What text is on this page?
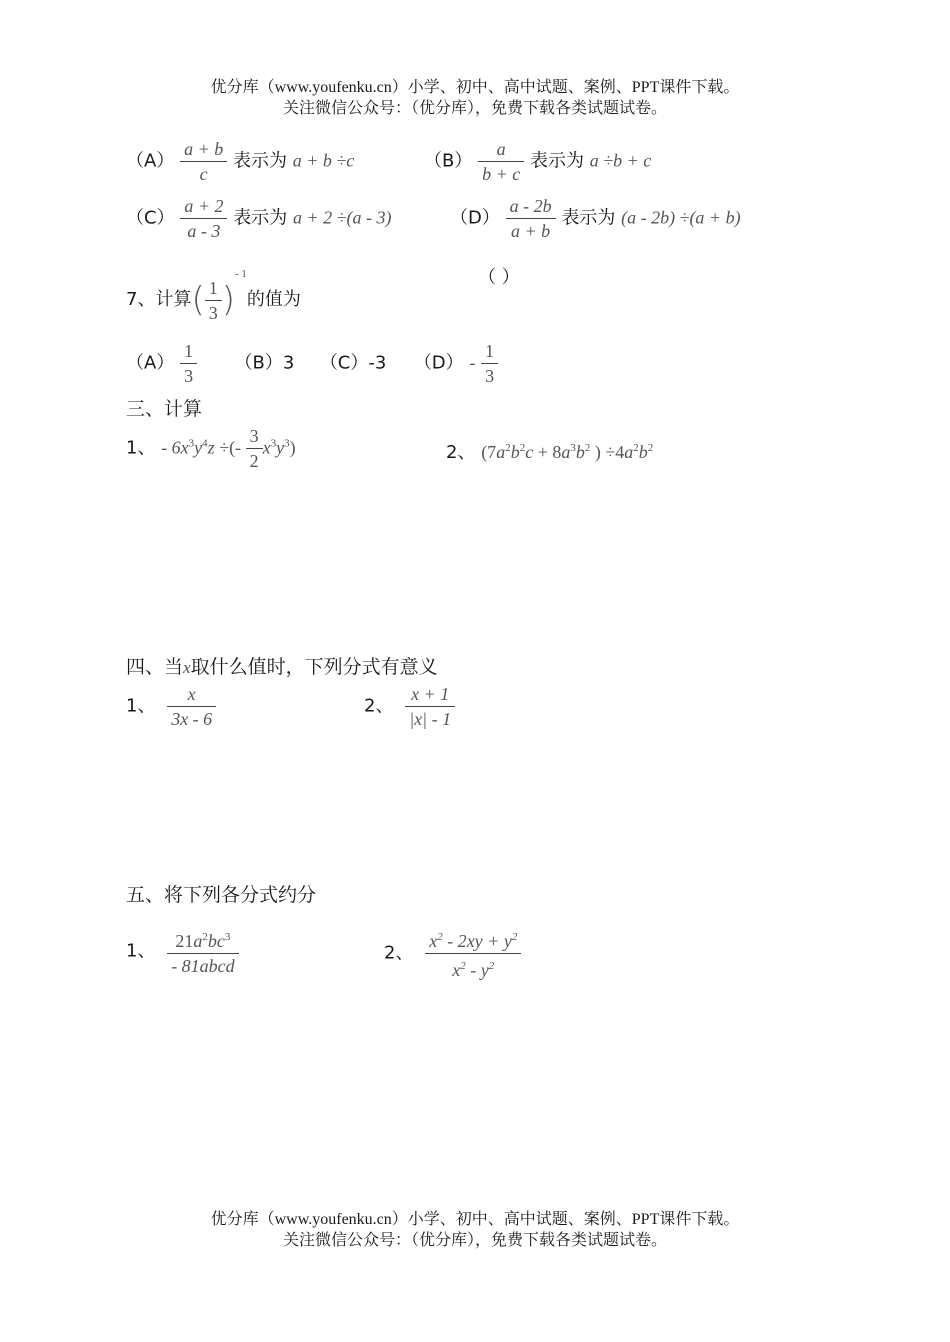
优分库（www.youfenku.cn）小学、初中、高中试题、案例、PPT课件下载。
关注微信公众号：（优分库），免费下载各类试题试卷。
$(A) \frac{a + b}{c}$ 表示为 a + b ÷c	$(B) \frac{a}{b + c}$ 表示为 a ÷b + c
$(C) \frac{a + 2}{a - 3}$ 表示为 a + 2 ÷(a - 3)	$(D) \frac{a - 2b}{a + b}$ 表示为 (a - 2b) ÷(a + b)
7、计算( $\frac{1}{3} )^{- 1}$的值为
（ ）
$(A) \frac{1}{3} (B)3$ （C）-3 $(D) - \frac{1}{3}$
三、计算
1、 - $6x^3y^4z$ ÷(- $\frac{3}{2} x^3y^3$)	2、 ($7a^2b^2c + 8a^3b^2$ ) $\div 4a^2b^2$
四、当x取什么值时，下列分式有意义
1、 $\frac{x}{3x - 6}$	2、 $\frac{x + 1}{|x| - 1}$
五、将下列各分式约分
1、 $\frac{21a^2bc^3}{\text{- 81abcd}}$	2、 $\frac{x^2 - 2xy + y^2}{x^2 - y^2}$
优分库（www.youfenku.cn）小学、初中、高中试题、案例、PPT课件下载。
关注微信公众号：（优分库），免费下载各类试题试卷。
